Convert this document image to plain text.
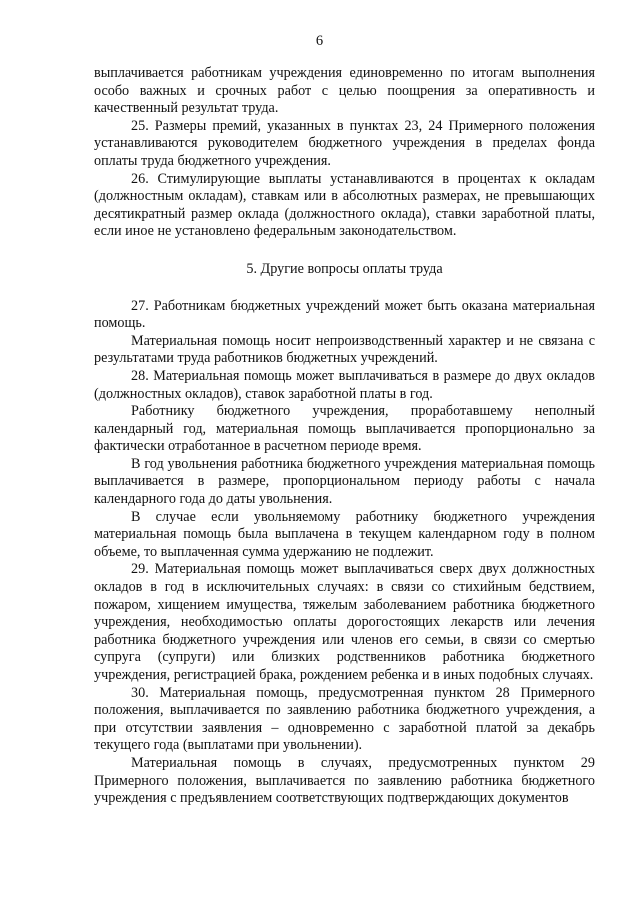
6

выплачивается работникам учреждения единовременно по итогам выполнения особо важных и срочных работ с целью поощрения за оперативность и качественный результат труда.

25. Размеры премий, указанных в пунктах 23, 24 Примерного положения устанавливаются руководителем бюджетного учреждения в пределах фонда оплаты труда бюджетного учреждения.

26. Стимулирующие выплаты устанавливаются в процентах к окладам (должностным окладам), ставкам или в абсолютных размерах, не превышающих десятикратный размер оклада (должностного оклада), ставки заработной платы, если иное не установлено федеральным законодательством.

5. Другие вопросы оплаты труда

27. Работникам бюджетных учреждений может быть оказана материальная помощь.

Материальная помощь носит непроизводственный характер и не связана с результатами труда работников бюджетных учреждений.

28. Материальная помощь может выплачиваться в размере до двух окладов (должностных окладов), ставок заработной платы в год.

Работнику бюджетного учреждения, проработавшему неполный календарный год, материальная помощь выплачивается пропорционально за фактически отработанное в расчетном периоде время.

В год увольнения работника бюджетного учреждения материальная помощь выплачивается в размере, пропорциональном периоду работы с начала календарного года до даты увольнения.

В случае если увольняемому работнику бюджетного учреждения материальная помощь была выплачена в текущем календарном году в полном объеме, то выплаченная сумма удержанию не подлежит.

29. Материальная помощь может выплачиваться сверх двух должностных окладов в год в исключительных случаях: в связи со стихийным бедствием, пожаром, хищением имущества, тяжелым заболеванием работника бюджетного учреждения, необходимостью оплаты дорогостоящих лекарств или лечения работника бюджетного учреждения или членов его семьи, в связи со смертью супруга (супруги) или близких родственников работника бюджетного учреждения, регистрацией брака, рождением ребенка и в иных подобных случаях.

30. Материальная помощь, предусмотренная пунктом 28 Примерного положения, выплачивается по заявлению работника бюджетного учреждения, а при отсутствии заявления – одновременно с заработной платой за декабрь текущего года (выплатами при увольнении).

Материальная помощь в случаях, предусмотренных пунктом 29 Примерного положения, выплачивается по заявлению работника бюджетного учреждения с предъявлением соответствующих подтверждающих документов
